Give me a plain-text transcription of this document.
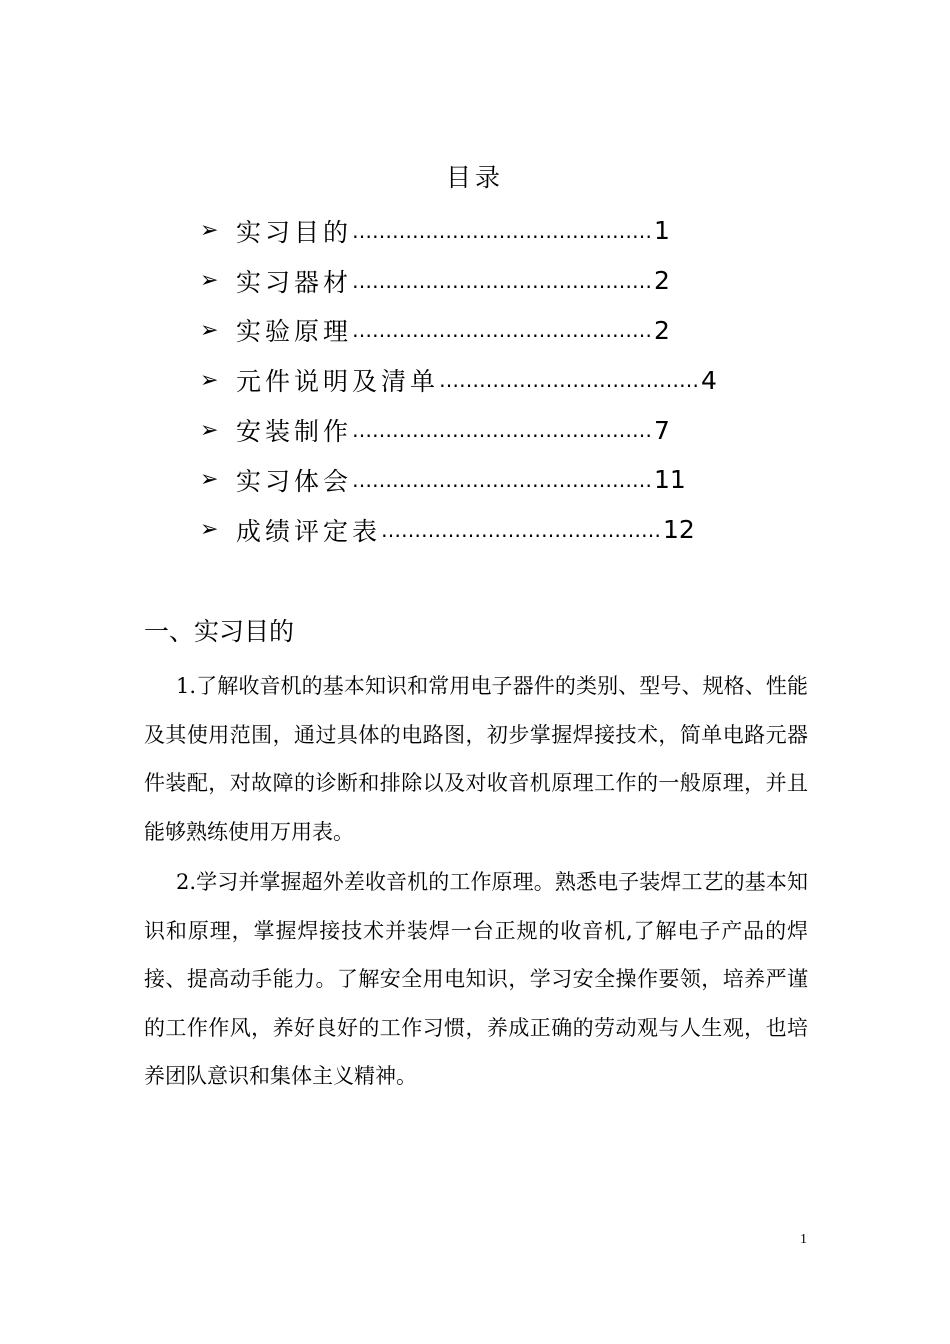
目录
➢ 实习目的 ……………………………………… 1
➢ 实习器材 ……………………………………… 2
➢ 实验原理 ……………………………………… 2
➢ 元件说明及清单 ………………………………… 4
➢ 安装制作 ……………………………………… 7
➢ 实习体会 ……………………………………… 11
➢ 成绩评定表 …………………………………… 12
一、实习目的

1.了解收音机的基本知识和常用电子器件的类别、型号、规格、性能及其使用范围，通过具体的电路图，初步掌握焊接技术，简单电路元器件装配，对故障的诊断和排除以及对收音机原理工作的一般原理，并且能够熟练使用万用表。

2.学习并掌握超外差收音机的工作原理。熟悉电子装焊工艺的基本知识和原理，掌握焊接技术并装焊一台正规的收音机,了解电子产品的焊接、提高动手能力。了解安全用电知识，学习安全操作要领，培养严谨的工作作风，养好良好的工作习惯，养成正确的劳动观与人生观，也培养团队意识和集体主义精神。

1
